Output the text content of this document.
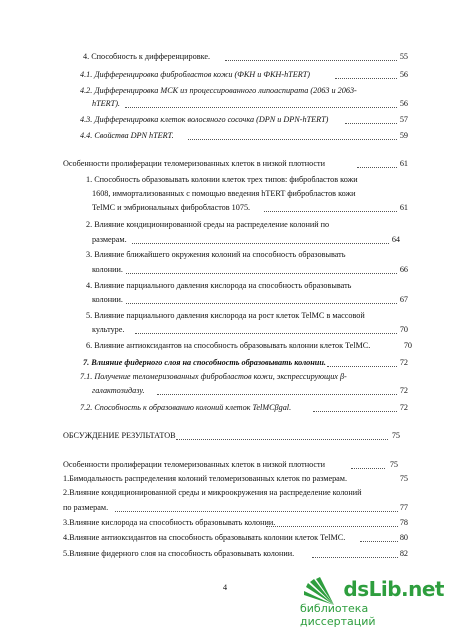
4. Способность к дифференцировке.	55
4.1. Дифференцировка фибробластов кожи (ФКН и ФКН-hTERT)	56
4.2. Дифференцировка МСК из процессированного липоаспирата (2063 и 2063-
hTERT).	56
4.3. Дифференцировка клеток волосяного сосочка (DPN и DPN-hTERT)	57
4.4. Свойства DPN hTERT.	59
Особенности пролиферации теломеризованных клеток в низкой плотности	61
1. Способность образовывать колонии клеток трех типов: фибробластов кожи
1608, иммортализованных с помощью введения hTERT фибробластов кожи
TelMC и эмбриональных фибробластов 1075.	61
2. Влияние кондиционированной среды на распределение колоний по
размерам.	64
3. Влияние ближайшего окружения колоний на способность образовывать
колонии.	66
4. Влияние парциального давления кислорода на способность образовывать
колонии.	67
5. Влияние парциального давления кислорода на рост клеток TelMC в массовой
культуре.	70
6. Влияние антиоксидантов на способность образовывать колонии клеток TelMC.	70
7. Влияние фидерного слоя на способность образовывать колонии.	72
7.1. Получение теломеризованных фибробластов кожи, экспрессирующих β-
галактозидазу.	72
7.2. Способность к образованию колоний клеток TelMCβgal.	72
ОБСУЖДЕНИЕ РЕЗУЛЬТАТОВ	75
Особенности пролиферации теломеризованных клеток в низкой плотности	75
1.Бимодальность распределения колоний теломеризованных клеток по размерам.	75
2.Влияние кондиционированной среды и микроокружения на распределение колоний
по размерам.	77
3.Влияние кислорода на способность образовывать колонии.	78
4.Влияние антиоксидантов на способность образовывать колонии клеток TelMC.	80
5.Влияние фидерного слоя на способность образовывать колонии.	82
4	dsLib.net
библиотека диссертаций
